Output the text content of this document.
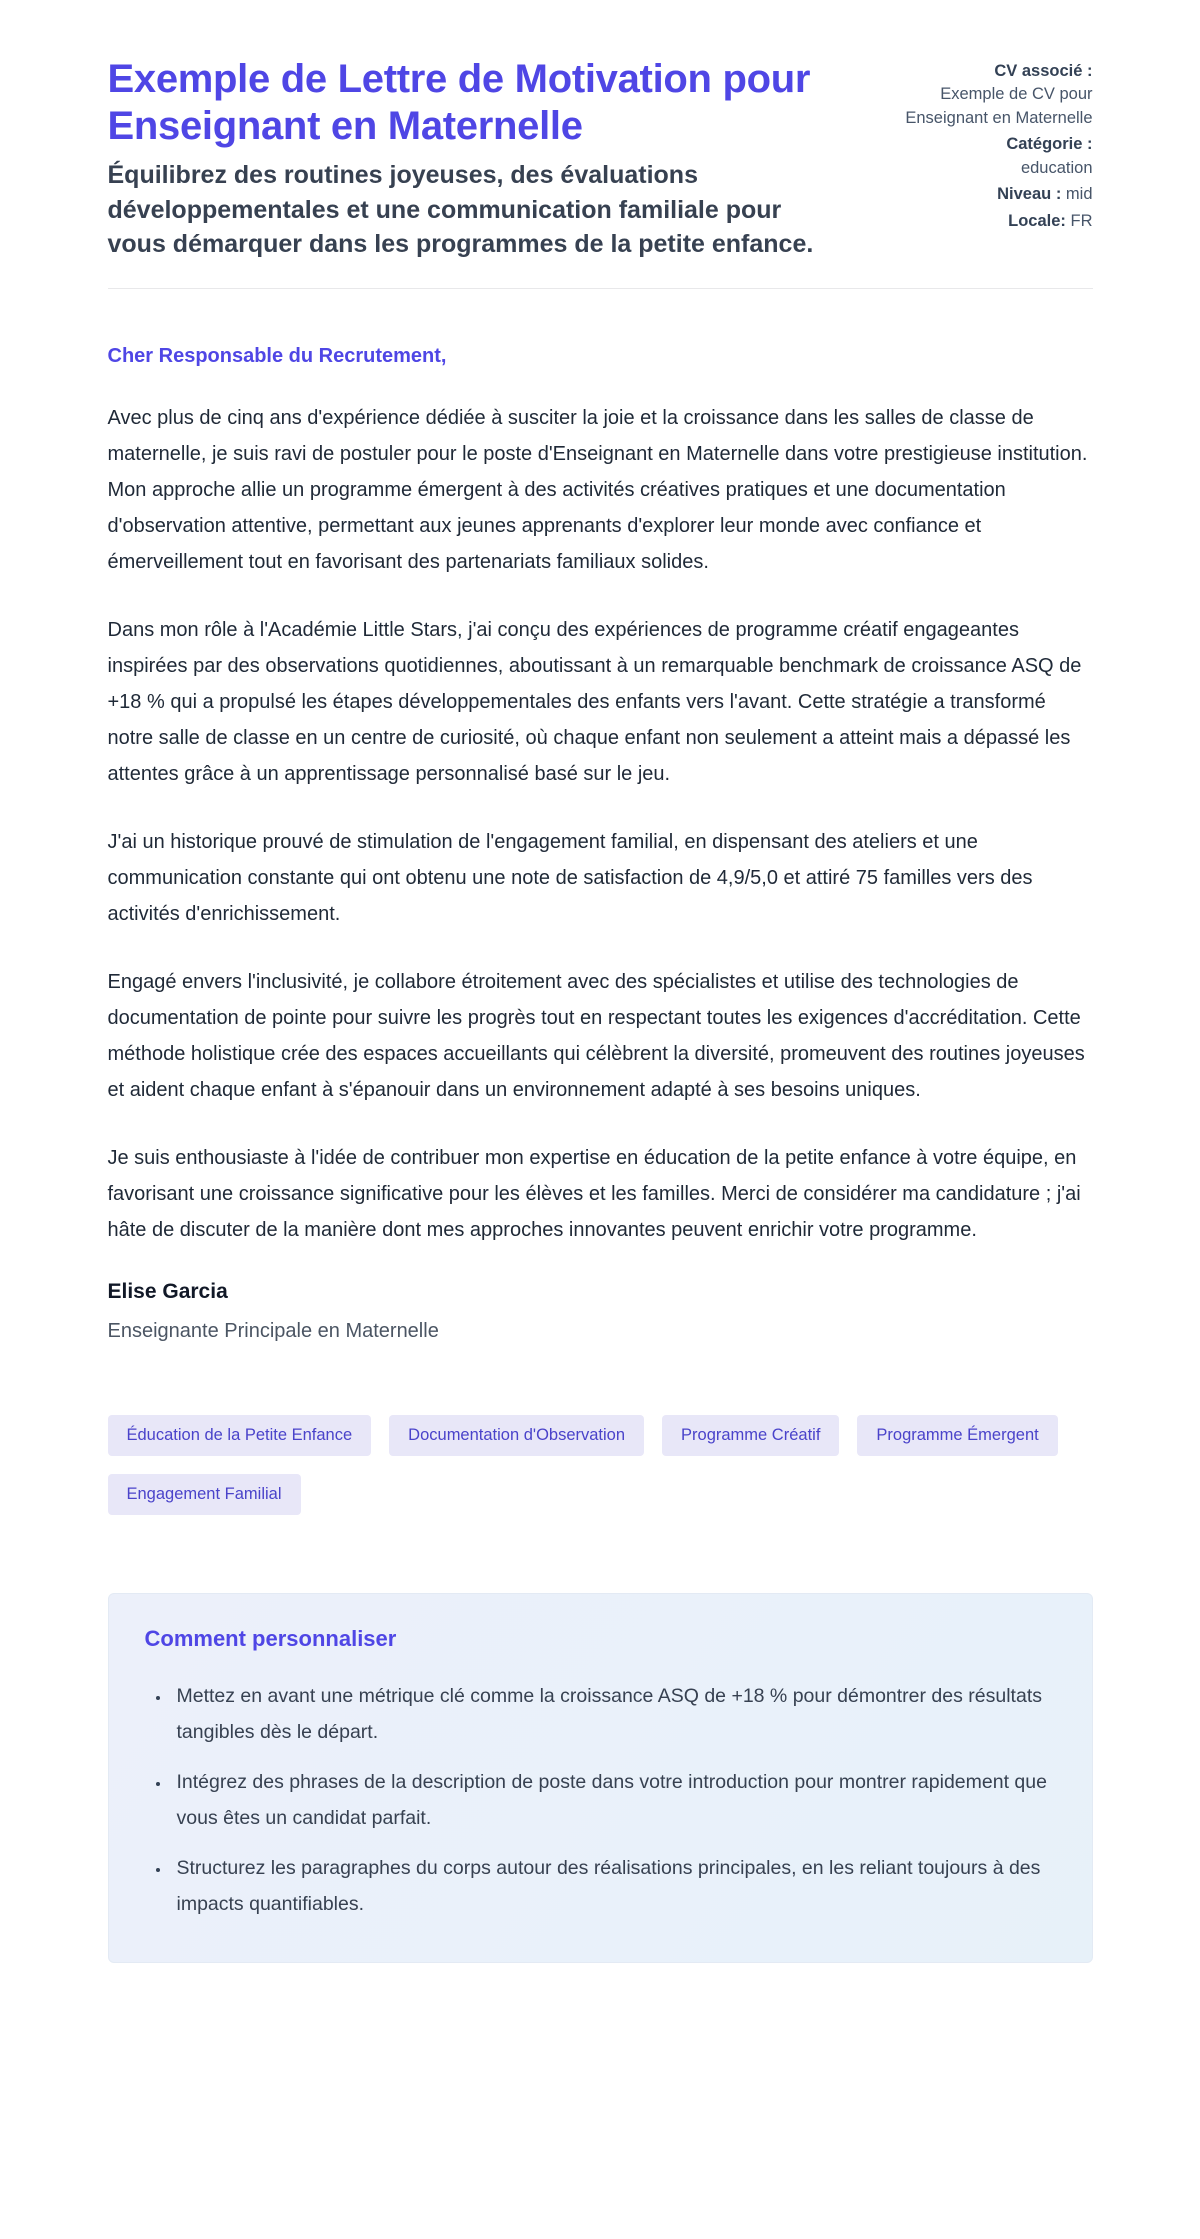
Exemple de Lettre de Motivation pour Enseignant en Maternelle

Équilibrez des routines joyeuses, des évaluations développementales et une communication familiale pour vous démarquer dans les programmes de la petite enfance.

CV associé :
Exemple de CV pour Enseignant en Maternelle
Catégorie :
education
Niveau : mid
Locale: FR

Cher Responsable du Recrutement,

Avec plus de cinq ans d'expérience dédiée à susciter la joie et la croissance dans les salles de classe de maternelle, je suis ravi de postuler pour le poste d'Enseignant en Maternelle dans votre prestigieuse institution. Mon approche allie un programme émergent à des activités créatives pratiques et une documentation d'observation attentive, permettant aux jeunes apprenants d'explorer leur monde avec confiance et émerveillement tout en favorisant des partenariats familiaux solides.

Dans mon rôle à l'Académie Little Stars, j'ai conçu des expériences de programme créatif engageantes inspirées par des observations quotidiennes, aboutissant à un remarquable benchmark de croissance ASQ de +18 % qui a propulsé les étapes développementales des enfants vers l'avant. Cette stratégie a transformé notre salle de classe en un centre de curiosité, où chaque enfant non seulement a atteint mais a dépassé les attentes grâce à un apprentissage personnalisé basé sur le jeu.

J'ai un historique prouvé de stimulation de l'engagement familial, en dispensant des ateliers et une communication constante qui ont obtenu une note de satisfaction de 4,9/5,0 et attiré 75 familles vers des activités d'enrichissement.

Engagé envers l'inclusivité, je collabore étroitement avec des spécialistes et utilise des technologies de documentation de pointe pour suivre les progrès tout en respectant toutes les exigences d'accréditation. Cette méthode holistique crée des espaces accueillants qui célèbrent la diversité, promeuvent des routines joyeuses et aident chaque enfant à s'épanouir dans un environnement adapté à ses besoins uniques.

Je suis enthousiaste à l'idée de contribuer mon expertise en éducation de la petite enfance à votre équipe, en favorisant une croissance significative pour les élèves et les familles. Merci de considérer ma candidature ; j'ai hâte de discuter de la manière dont mes approches innovantes peuvent enrichir votre programme.

Elise Garcia

Enseignante Principale en Maternelle

Éducation de la Petite Enfance	Documentation d'Observation	Programme Créatif	Programme Émergent
Engagement Familial
Comment personnaliser
• Mettez en avant une métrique clé comme la croissance ASQ de +18 % pour démontrer des résultats tangibles dès le départ.
• Intégrez des phrases de la description de poste dans votre introduction pour montrer rapidement que vous êtes un candidat parfait.
• Structurez les paragraphes du corps autour des réalisations principales, en les reliant toujours à des impacts quantifiables.
